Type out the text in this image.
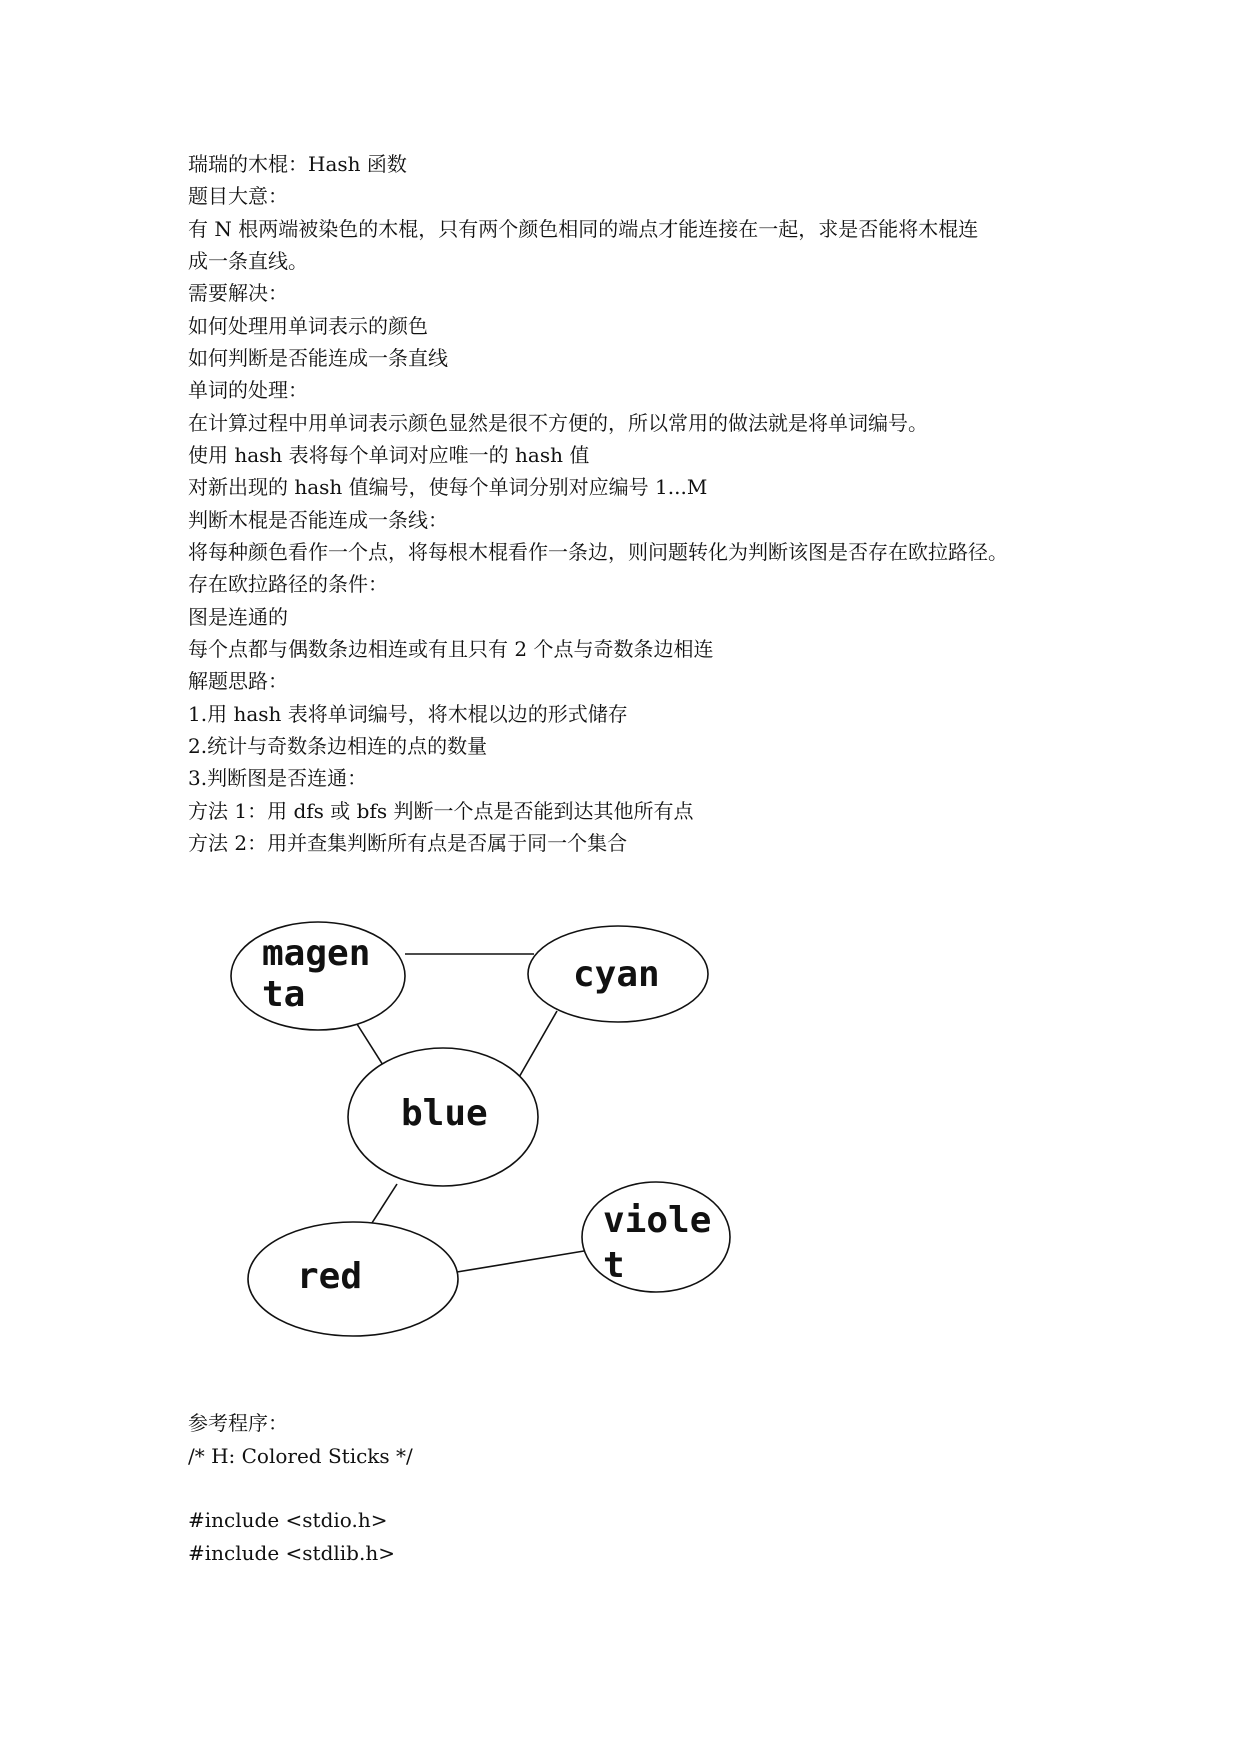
瑞瑞的木棍：Hash 函数
题目大意：
有 N 根两端被染色的木棍，只有两个颜色相同的端点才能连接在一起，求是否能将木棍连
成一条直线。
需要解决：
如何处理用单词表示的颜色
如何判断是否能连成一条直线
单词的处理：
在计算过程中用单词表示颜色显然是很不方便的，所以常用的做法就是将单词编号。
使用 hash 表将每个单词对应唯一的 hash 值
对新出现的 hash 值编号，使每个单词分别对应编号 1...M
判断木棍是否能连成一条线：
将每种颜色看作一个点，将每根木棍看作一条边，则问题转化为判断该图是否存在欧拉路径。
存在欧拉路径的条件：
图是连通的
每个点都与偶数条边相连或有且只有 2 个点与奇数条边相连
解题思路：
1.用 hash 表将单词编号，将木棍以边的形式储存
2.统计与奇数条边相连的点的数量
3.判断图是否连通：
方法 1：用 dfs 或 bfs 判断一个点是否能到达其他所有点
方法 2：用并查集判断所有点是否属于同一个集合
magen
ta	cyan
blue
red
viole
t
参考程序：
/* H: Colored Sticks */
#include <stdio.h>
#include <stdlib.h>
